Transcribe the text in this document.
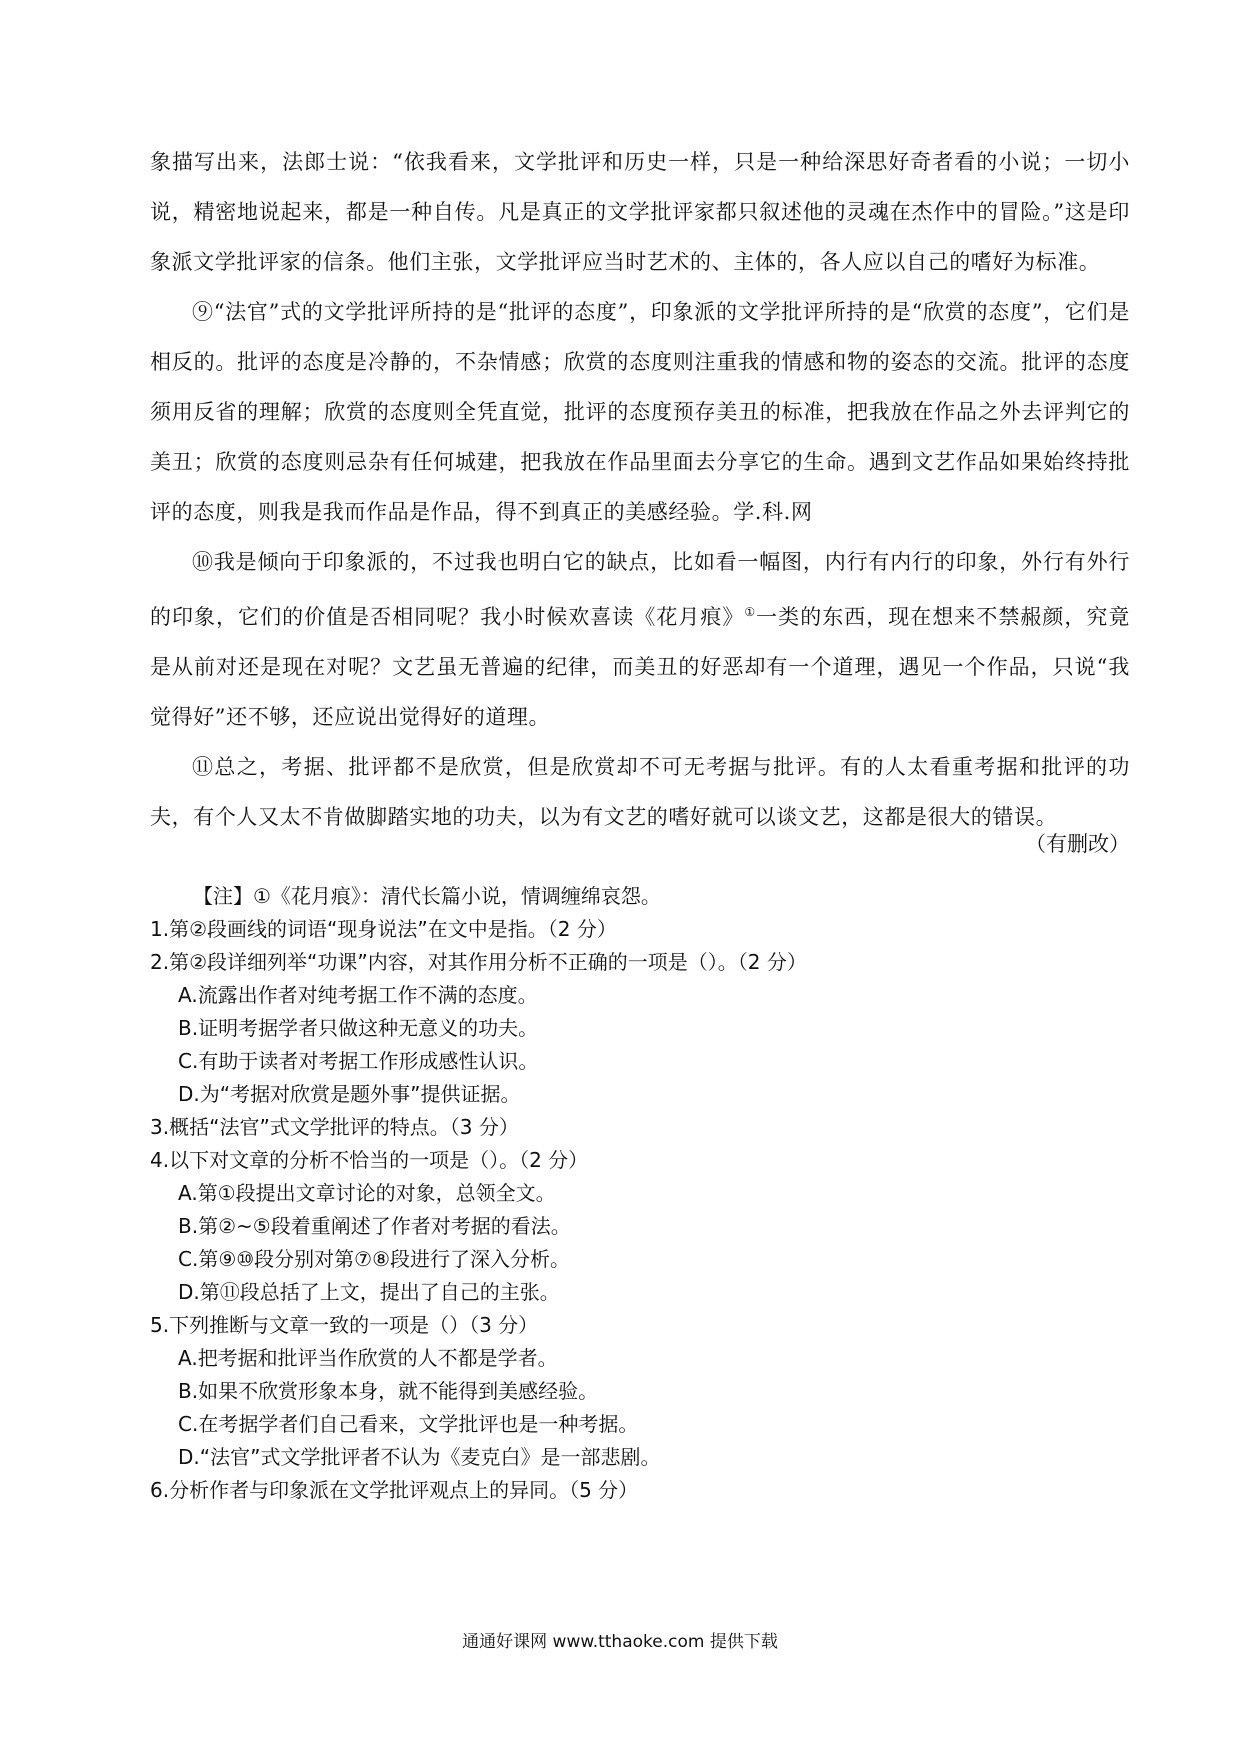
象描写出来，法郎士说：“依我看来，文学批评和历史一样，只是一种给深思好奇者看的小说；一切小说，精密地说起来，都是一种自传。凡是真正的文学批评家都只叙述他的灵魂在杰作中的冒险。”这是印象派文学批评家的信条。他们主张，文学批评应当时艺术的、主体的，各人应以自己的嗜好为标准。

⑨“法官”式的文学批评所持的是“批评的态度”，印象派的文学批评所持的是“欣赏的态度”，它们是相反的。批评的态度是冷静的，不杂情感；欣赏的态度则注重我的情感和物的姿态的交流。批评的态度须用反省的理解；欣赏的态度则全凭直觉，批评的态度预存美丑的标准，把我放在作品之外去评判它的美丑；欣赏的态度则忌杂有任何城建，把我放在作品里面去分享它的生命。遇到文艺作品如果始终持批评的态度，则我是我而作品是作品，得不到真正的美感经验。学.科.网

⑩我是倾向于印象派的，不过我也明白它的缺点，比如看一幅图，内行有内行的印象，外行有外行的印象，它们的价值是否相同呢？我小时候欢喜读《花月痕》①一类的东西，现在想来不禁赧颜，究竟是从前对还是现在对呢？文艺虽无普遍的纪律，而美丑的好恶却有一个道理，遇见一个作品，只说“我觉得好”还不够，还应说出觉得好的道理。

⑪总之，考据、批评都不是欣赏，但是欣赏却不可无考据与批评。有的人太看重考据和批评的功夫，有个人又太不肯做脚踏实地的功夫，以为有文艺的嗜好就可以谈文艺，这都是很大的错误。

（有删改）
【注】①《花月痕》：清代长篇小说，情调缠绵哀怨。
1.第②段画线的词语“现身说法”在文中是指。（2 分）
2.第②段详细列举“功课”内容，对其作用分析不正确的一项是（）。（2 分）
A.流露出作者对纯考据工作不满的态度。
B.证明考据学者只做这种无意义的功夫。
C.有助于读者对考据工作形成感性认识。
D.为“考据对欣赏是题外事”提供证据。
3.概括“法官”式文学批评的特点。（3 分）
4.以下对文章的分析不恰当的一项是（）。（2 分）
A.第①段提出文章讨论的对象，总领全文。
B.第②~⑤段着重阐述了作者对考据的看法。
C.第⑨⑩段分别对第⑦⑧段进行了深入分析。
D.第⑪段总括了上文，提出了自己的主张。
5.下列推断与文章一致的一项是（）（3 分）
A.把考据和批评当作欣赏的人不都是学者。
B.如果不欣赏形象本身，就不能得到美感经验。
C.在考据学者们自己看来，文学批评也是一种考据。
D.“法官”式文学批评者不认为《麦克白》是一部悲剧。
6.分析作者与印象派在文学批评观点上的异同。（5 分）
通通好课网 www.tthaoke.com 提供下载
